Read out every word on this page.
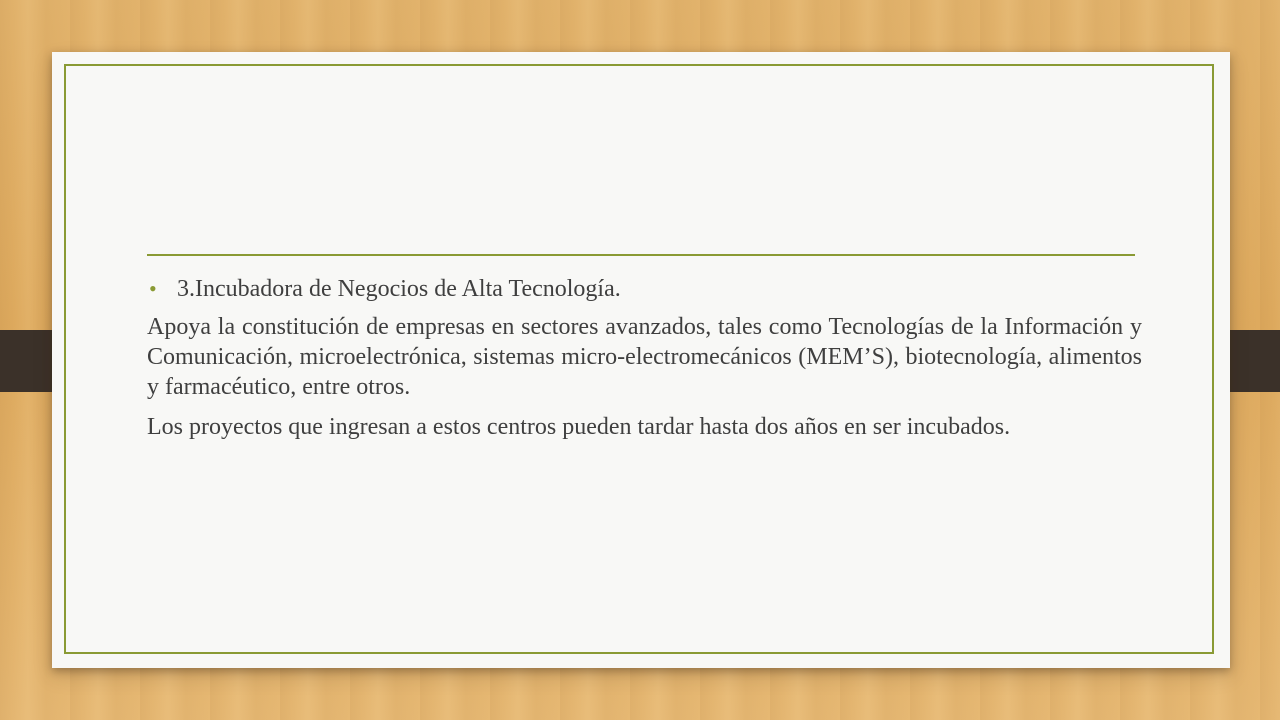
• 3.Incubadora de Negocios de Alta Tecnología.

Apoya la constitución de empresas en sectores avanzados, tales como Tecnologías de la Información y Comunicación, microelectrónica, sistemas micro-electromecánicos (MEM’S), biotecnología, alimentos y farmacéutico, entre otros.

Los proyectos que ingresan a estos centros pueden tardar hasta dos años en ser incubados.
